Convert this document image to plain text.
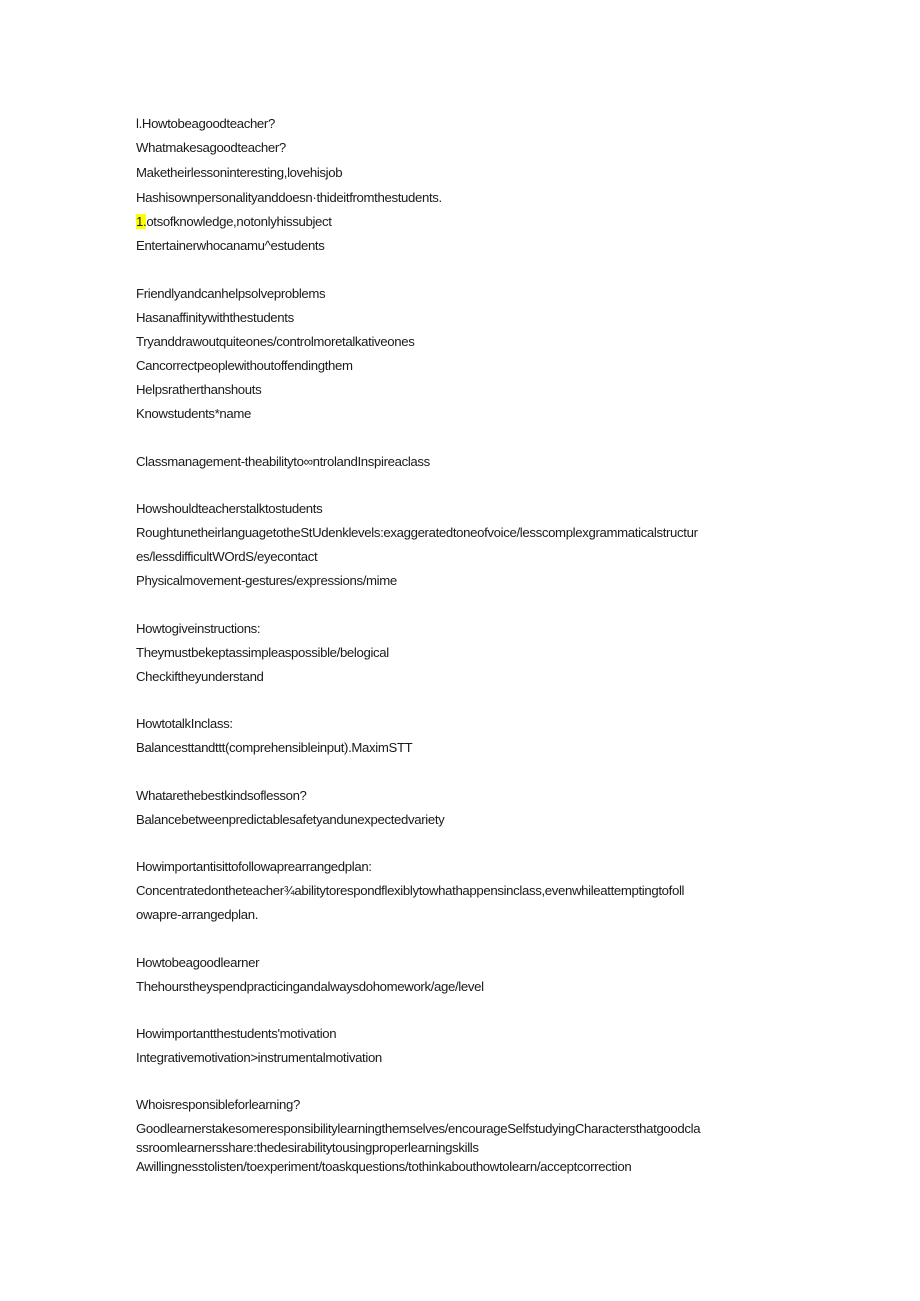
l.Howtobeagoodteacher?

Whatmakesagoodteacher?

Maketheirlessoninteresting,lovehisjob

Hashisownpersonalityanddoesn·thideitfromthestudents.

1.otsofknowledge,notonlyhissubject

Entertainerwhocanamu^estudents

Friendlyandcanhelpsolveproblems

Hasanaffinitywiththestudents

Tryanddrawoutquiteones/controlmoretalkativeones

Cancorrectpeoplewithoutoffendingthem

Helpsratherthanshouts

Knowstudents*name

Classmanagement-theabilityto∞ntrolandInspireaclass

Howshouldteacherstalktostudents

RoughtunetheirlanguagetotheStUdenklevels:exaggeratedtoneofvoice/lesscomplexgrammaticalstructur

es/lessdifficultWOrdS/eyecontact

Physicalmovement-gestures/expressions/mime

Howtogiveinstructions:

Theymustbekeptassimpleaspossible/belogical

Checkiftheyunderstand

HowtotalkInclass:

Balancesttandttt(comprehensibleinput).MaximSTT

Whatarethebestkindsoflesson?

Balancebetweenpredictablesafetyandunexpectedvariety

Howimportantisittofollowaprearrangedplan:

Concentratedontheteacher¾abilitytorespondflexiblytowhathappensinclass,evenwhileattemptingtofoll

owapre-arrangedplan.

Howtobeagoodlearner

Thehourstheyspendpracticingandalwaysdohomework/age/level

Howimportantthestudents'motivation

Integrativemotivation>instrumentalmotivation

Whoisresponsibleforlearning?

Goodlearnerstakesomeresponsibilitylearningthemselves/encourageSelfstudyingCharactersthatgoodcla

ssroomlearnersshare:thedesirabilitytousingproperlearningskills

Awillingnesstolisten/toexperiment/toaskquestions/tothinkabouthowtolearn/acceptcorrection
